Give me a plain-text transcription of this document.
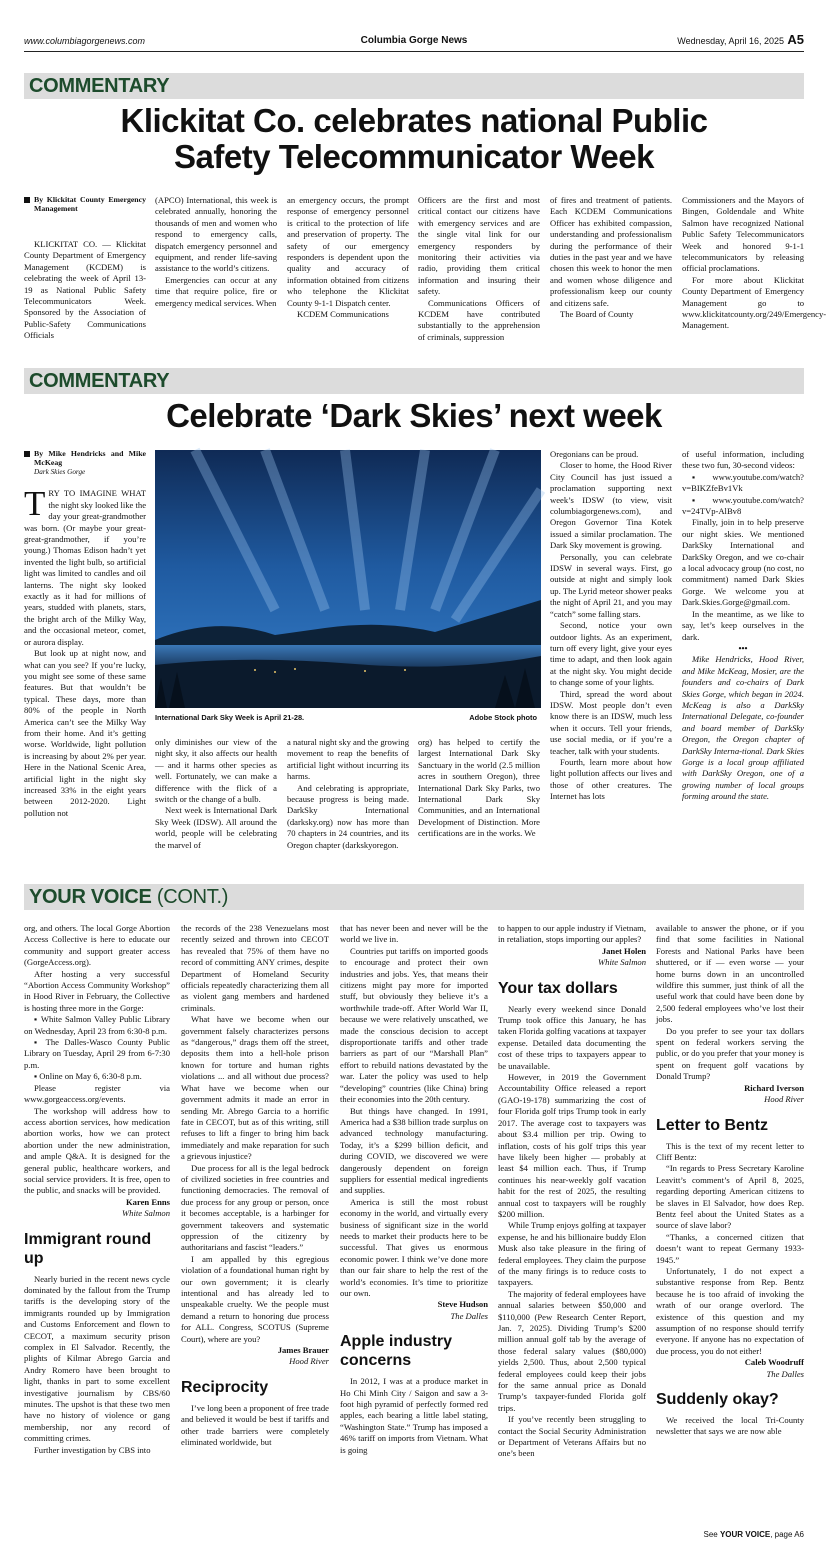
www.columbiagorgenews.com	Columbia Gorge News	Wednesday, April 16, 2025 A5
COMMENTARY
Klickitat Co. celebrates national Public
Safety Telecommunicator Week

By Klickitat County Emergency Management

KLICKITAT CO. — Klickitat County Department of Emergency Management (KCDEM) is celebrating the week of April 13-19 as National Public Safety Telecommunicators Week. Sponsored by the Association of Public-Safety Communications Officials

(APCO) International, this week is celebrated annually, honoring the thousands of men and women who respond to emergency calls, dispatch emergency personnel and equipment, and render life-saving assistance to the world’s citizens.

Emergencies can occur at any time that require police, fire or emergency medical services. When

an emergency occurs, the prompt response of emergency personnel is critical to the protection of life and preservation of property. The safety of our emergency responders is dependent upon the quality and accuracy of information obtained from citizens who telephone the Klickitat County 9-1-1 Dispatch center.

KCDEM Communications

Officers are the first and most critical contact our citizens have with emergency services and are the single vital link for our emergency responders by monitoring their activities via radio, providing them critical information and insuring their safety.

Communications Officers of KCDEM have contributed substantially to the apprehension of criminals, suppression

of fires and treatment of patients. Each KCDEM Communications Officer has exhibited compassion, understanding and professionalism during the performance of their duties in the past year and we have chosen this week to honor the men and women whose diligence and professionalism keep our county and citizens safe.

The Board of County

Commissioners and the Mayors of Bingen, Goldendale and White Salmon have recognized National Public Safety Telecommunicators Week and honored 9-1-1 telecommunicators by releasing official proclamations.

For more about Klickitat County Department of Emergency Management go to www.klickitatcounty.org/249/Emergency-Management.

COMMENTARY
Celebrate ‘Dark Skies’ next week

By Mike Hendricks and Mike McKeag

Dark Skies Gorge

TRY TO IMAGINE WHAT the night sky looked like the day your great-grandmother was born. (Or maybe your great-great-grandmother, if you’re young.) Thomas Edison hadn’t yet invented the light bulb, so artificial light was limited to candles and oil lanterns. The night sky looked exactly as it had for millions of years, studded with planets, stars, the bright arch of the Milky Way, and the occasional meteor, comet, or aurora display.

But look up at night now, and what can you see? If you’re lucky, you might see some of these same features. But that wouldn’t be typical. These days, more than 80% of the people in North America can’t see the Milky Way from their home. And it’s getting worse. Worldwide, light pollution is increasing by about 2% per year. Here in the National Scenic Area, artificial light in the night sky increased 33% in the eight years between 2012-2020. Light pollution not

International Dark Sky Week is April 21-28.	Adobe Stock photo

only diminishes our view of the night sky, it also affects our health — and it harms other species as well. Fortunately, we can make a difference with the flick of a switch or the change of a bulb.

Next week is International Dark Sky Week (IDSW). All around the world, people will be celebrating the marvel of

a natural night sky and the growing movement to reap the benefits of artificial light without incurring its harms.

And celebrating is appropriate, because progress is being made. DarkSky International (darksky.org) now has more than 70 chapters in 24 countries, and its Oregon chapter (darkskyoregon.

org) has helped to certify the largest International Dark Sky Sanctuary in the world (2.5 million acres in southern Oregon), three International Dark Sky Parks, two International Dark Sky Communities, and an International Development of Distinction. More certifications are in the works. We

Oregonians can be proud.

Closer to home, the Hood River City Council has just issued a proclamation supporting next week’s IDSW (to view, visit columbiagorgenews.com), and Oregon Governor Tina Kotek issued a similar proclamation. The Dark Sky movement is growing.

Personally, you can celebrate IDSW in several ways. First, go outside at night and simply look up. The Lyrid meteor shower peaks the night of April 21, and you may “catch” some falling stars.

Second, notice your own outdoor lights. As an experiment, turn off every light, give your eyes time to adapt, and then look again at the night sky. You might decide to change some of your lights.

Third, spread the word about IDSW. Most people don’t even know there is an IDSW, much less when it occurs. Tell your friends, use social media, or if you’re a teacher, talk with your students.

Fourth, learn more about how light pollution affects our lives and those of other creatures. The Internet has lots

of useful information, including these two fun, 30-second videos:

▪ www.youtube.com/watch?v=BIKZfeBv1Vk

▪ www.youtube.com/watch?v=24TVp-AlBv8

Finally, join in to help preserve our night skies. We mentioned DarkSky International and DarkSky Oregon, and we co-chair a local advocacy group (no cost, no commitment) named Dark Skies Gorge. We welcome you at Dark.Skies.Gorge@gmail.com.

In the meantime, as we like to say, let’s keep ourselves in the dark.

•••

Mike Hendricks, Hood River, and Mike McKeag, Mosier, are the founders and co-chairs of Dark Skies Gorge, which began in 2024. McKeag is also a DarkSky International Delegate, co-founder and board member of DarkSky Oregon, the Oregon chapter of DarkSky Interna-tional. Dark Skies Gorge is a local group affiliated with DarkSky Oregon, one of a growing number of local groups forming around the state.

YOUR VOICE (CONT.)

org, and others. The local Gorge Abortion Access Collective is here to educate our community and support greater access (GorgeAccess.org).

After hosting a very successful “Abortion Access Community Workshop” in Hood River in February, the Collective is hosting three more in the Gorge:

▪ White Salmon Valley Public Library on Wednesday, April 23 from 6:30-8 p.m.

▪ The Dalles-Wasco County Public Library on Tuesday, April 29 from 6-7:30 p.m.

▪ Online on May 6, 6:30-8 p.m.

Please register via www.gorgeaccess.org/events.

The workshop will address how to access abortion services, how medication abortion works, how we can protect abortion under the new administration, and ample Q&A. It is designed for the general public, healthcare workers, and social service providers. It is free, open to the public, and snacks will be provided.

Karen Enns

White Salmon

Immigrant round up

Nearly buried in the recent news cycle dominated by the fallout from the Trump tariffs is the developing story of the immigrants rounded up by Immigration and Customs Enforcement and flown to CECOT, a maximum security prison complex in El Salvador. Recently, the plights of Kilmar Abrego Garcia and Andry Romero have been brought to light, thanks in part to some excellent investigative journalism by CBS/60 minutes. The upshot is that these two men have no history of violence or gang membership, nor any record of committing crimes.

Further investigation by CBS into

the records of the 238 Venezuelans most recently seized and thrown into CECOT has revealed that 75% of them have no record of committing ANY crimes, despite Department of Homeland Security officials repeatedly characterizing them all as violent gang members and hardened criminals.

What have we become when our government falsely characterizes persons as “dangerous,” drags them off the street, deposits them into a hell-hole prison known for torture and human rights violations ... and all without due process? What have we become when our government admits it made an error in sending Mr. Abrego Garcia to a horrific fate in CECOT, but as of this writing, still refuses to lift a finger to bring him back immediately and make reparation for such a grievous injustice?

Due process for all is the legal bedrock of civilized societies in free countries and functioning democracies. The removal of due process for any group or person, once it becomes acceptable, is a harbinger for government takeovers and systematic oppression of the citizenry by authoritarians and fascist “leaders.”

I am appalled by this egregious violation of a foundational human right by our own government; it is clearly intentional and has already led to unspeakable cruelty. We the people must demand a return to honoring due process for ALL. Congress, SCOTUS (Supreme Court), where are you?

James Brauer

Hood River

Reciprocity

I’ve long been a proponent of free trade and believed it would be best if tariffs and other trade barriers were completely eliminated worldwide, but

that has never been and never will be the world we live in.

Countries put tariffs on imported goods to encourage and protect their own industries and jobs. Yes, that means their citizens might pay more for imported stuff, but obviously they believe it’s a worthwhile trade-off. After World War II, because we were relatively unscathed, we made the conscious decision to accept disproportionate tariffs and other trade barriers as part of our “Marshall Plan” effort to rebuild nations devastated by the war. Later the policy was used to help “developing” countries (like China) bring their economies into the 20th century.

But things have changed. In 1991, America had a $38 billion trade surplus on advanced technology manufacturing. Today, it’s a $299 billion deficit, and during COVID, we discovered we were dangerously dependent on foreign suppliers for essential medical ingredients and supplies.

America is still the most robust economy in the world, and virtually every business of significant size in the world needs to market their products here to be successful. That gives us enormous economic power. I think we’ve done more than our fair share to help the rest of the world’s economies. It’s time to prioritize our own.

Steve Hudson

The Dalles

Apple industry concerns

In 2012, I was at a produce market in Ho Chi Minh City / Saigon and saw a 3-foot high pyramid of perfectly formed red apples, each bearing a little label stating, “Washington State.” Trump has imposed a 46% tariff on imports from Vietnam. What is going

to happen to our apple industry if Vietnam, in retaliation, stops importing our apples?

Janet Holen

White Salmon

Your tax dollars

Nearly every weekend since Donald Trump took office this January, he has taken Florida golfing vacations at taxpayer expense. Detailed data documenting the cost of these trips to taxpayers appear to be unavailable.

However, in 2019 the Government Accountability Office released a report (GAO-19-178) summarizing the cost of four Florida golf trips Trump took in early 2017. The average cost to taxpayers was about $3.4 million per trip. Owing to inflation, costs of his golf trips this year have likely been higher — probably at least $4 million each. Thus, if Trump continues his near-weekly golf vacation habit for the rest of 2025, the resulting annual cost to taxpayers will be roughly $200 million.

While Trump enjoys golfing at taxpayer expense, he and his billionaire buddy Elon Musk also take pleasure in the firing of federal employees. They claim the purpose of the many firings is to reduce costs to taxpayers.

The majority of federal employees have annual salaries between $50,000 and $110,000 (Pew Research Center Report, Jan. 7, 2025). Dividing Trump’s $200 million annual golf tab by the average of those federal salary values ($80,000) yields 2,500. Thus, about 2,500 typical federal employees could keep their jobs for the same annual price as Donald Trump’s taxpayer-funded Florida golf trips.

If you’ve recently been struggling to contact the Social Security Administration or Department of Veterans Affairs but no one’s been

available to answer the phone, or if you find that some facilities in National Forests and National Parks have been shuttered, or if — even worse — your home burns down in an uncontrolled wildfire this summer, just think of all the useful work that could have been done by 2,500 federal employees who’ve lost their jobs.

Do you prefer to see your tax dollars spent on federal workers serving the public, or do you prefer that your money is spent on frequent golf vacations by Donald Trump?

Richard Iverson

Hood River

Letter to Bentz

This is the text of my recent letter to Cliff Bentz:

“In regards to Press Secretary Karoline Leavitt’s comment’s of April 8, 2025, regarding deporting American citizens to be slaves in El Salvador, how does Rep. Bentz feel about the United States as a source of slave labor?

“Thanks, a concerned citizen that doesn’t want to repeat Germany 1933-1945.”

Unfortunately, I do not expect a substantive response from Rep. Bentz because he is too afraid of invoking the wrath of our orange overlord. The existence of this question and my assumption of no response should terrify everyone. If anyone has no expectation of due process, you do not either!

Caleb Woodruff

The Dalles

Suddenly okay?

We received the local Tri-County newsletter that says we are now able

See YOUR VOICE, page A6
